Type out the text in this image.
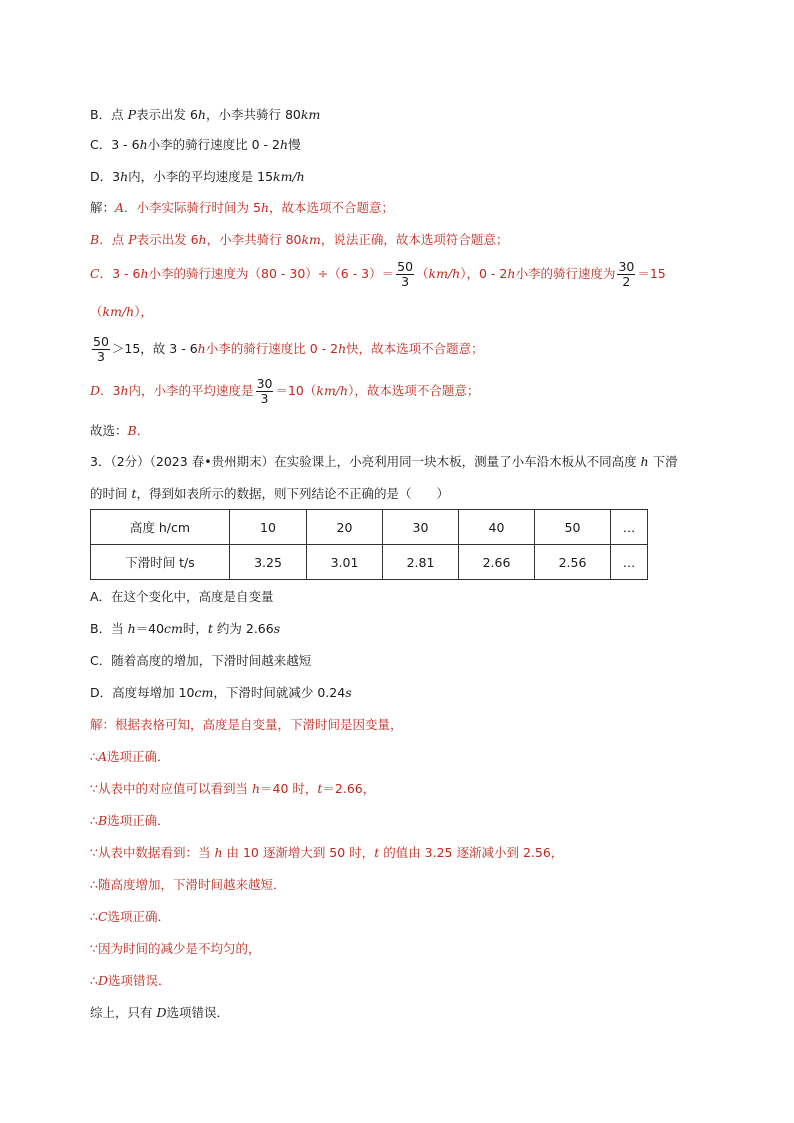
B．点 P表示出发 6h，小李共骑行 80km
C．3 - 6h小李的骑行速度比 0 - 2h慢
D．3h内，小李的平均速度是 15km/h
解：A．小李实际骑行时间为 5h，故本选项不合题意；
B．点 P表示出发 6h，小李共骑行 80km，说法正确，故本选项符合题意；
C．3 - 6h小李的骑行速度为$(80 - 30)\div(6 - 3)= \frac{50}{3} (km/h)$，0 - 2h小李的骑行速度为 $\frac{30}{2} =15$
（km/h），
$\frac{50}{3} >15$，故 3 - 6h小李的骑行速度比 0 - 2h快，故本选项不合题意；
D．3h内，小李的平均速度是 $\frac{30}{3} =10(km/h)$，故本选项不合题意；
故选：B．
3．（2分）（2023 春•贵州期末）在实验课上，小亮利用同一块木板，测量了小车沿木板从不同高度 h 下滑
的时间 t，得到如表所示的数据，则下列结论不正确的是（　　）
高度 h/cm	10	20	30	40	50	…
下滑时间 t/s	3.25	3.01	2.81	2.66	2.56	…
A．在这个变化中，高度是自变量
B．当 h＝40cm时，t 约为 2.66s
C．随着高度的增加，下滑时间越来越短
D．高度每增加 10cm，下滑时间就减少 0.24s
解：根据表格可知，高度是自变量，下滑时间是因变量，
∴A选项正确．
∵从表中的对应值可以看到当 h＝40 时，t＝2.66，
∴B选项正确．
∵从表中数据看到：当 h 由 10 逐渐增大到 50 时，t 的值由 3.25 逐渐减小到 2.56，
∴随高度增加，下滑时间越来越短．
∴C选项正确．
∵因为时间的减少是不均匀的，
∴D选项错误．
综上，只有 D选项错误．
